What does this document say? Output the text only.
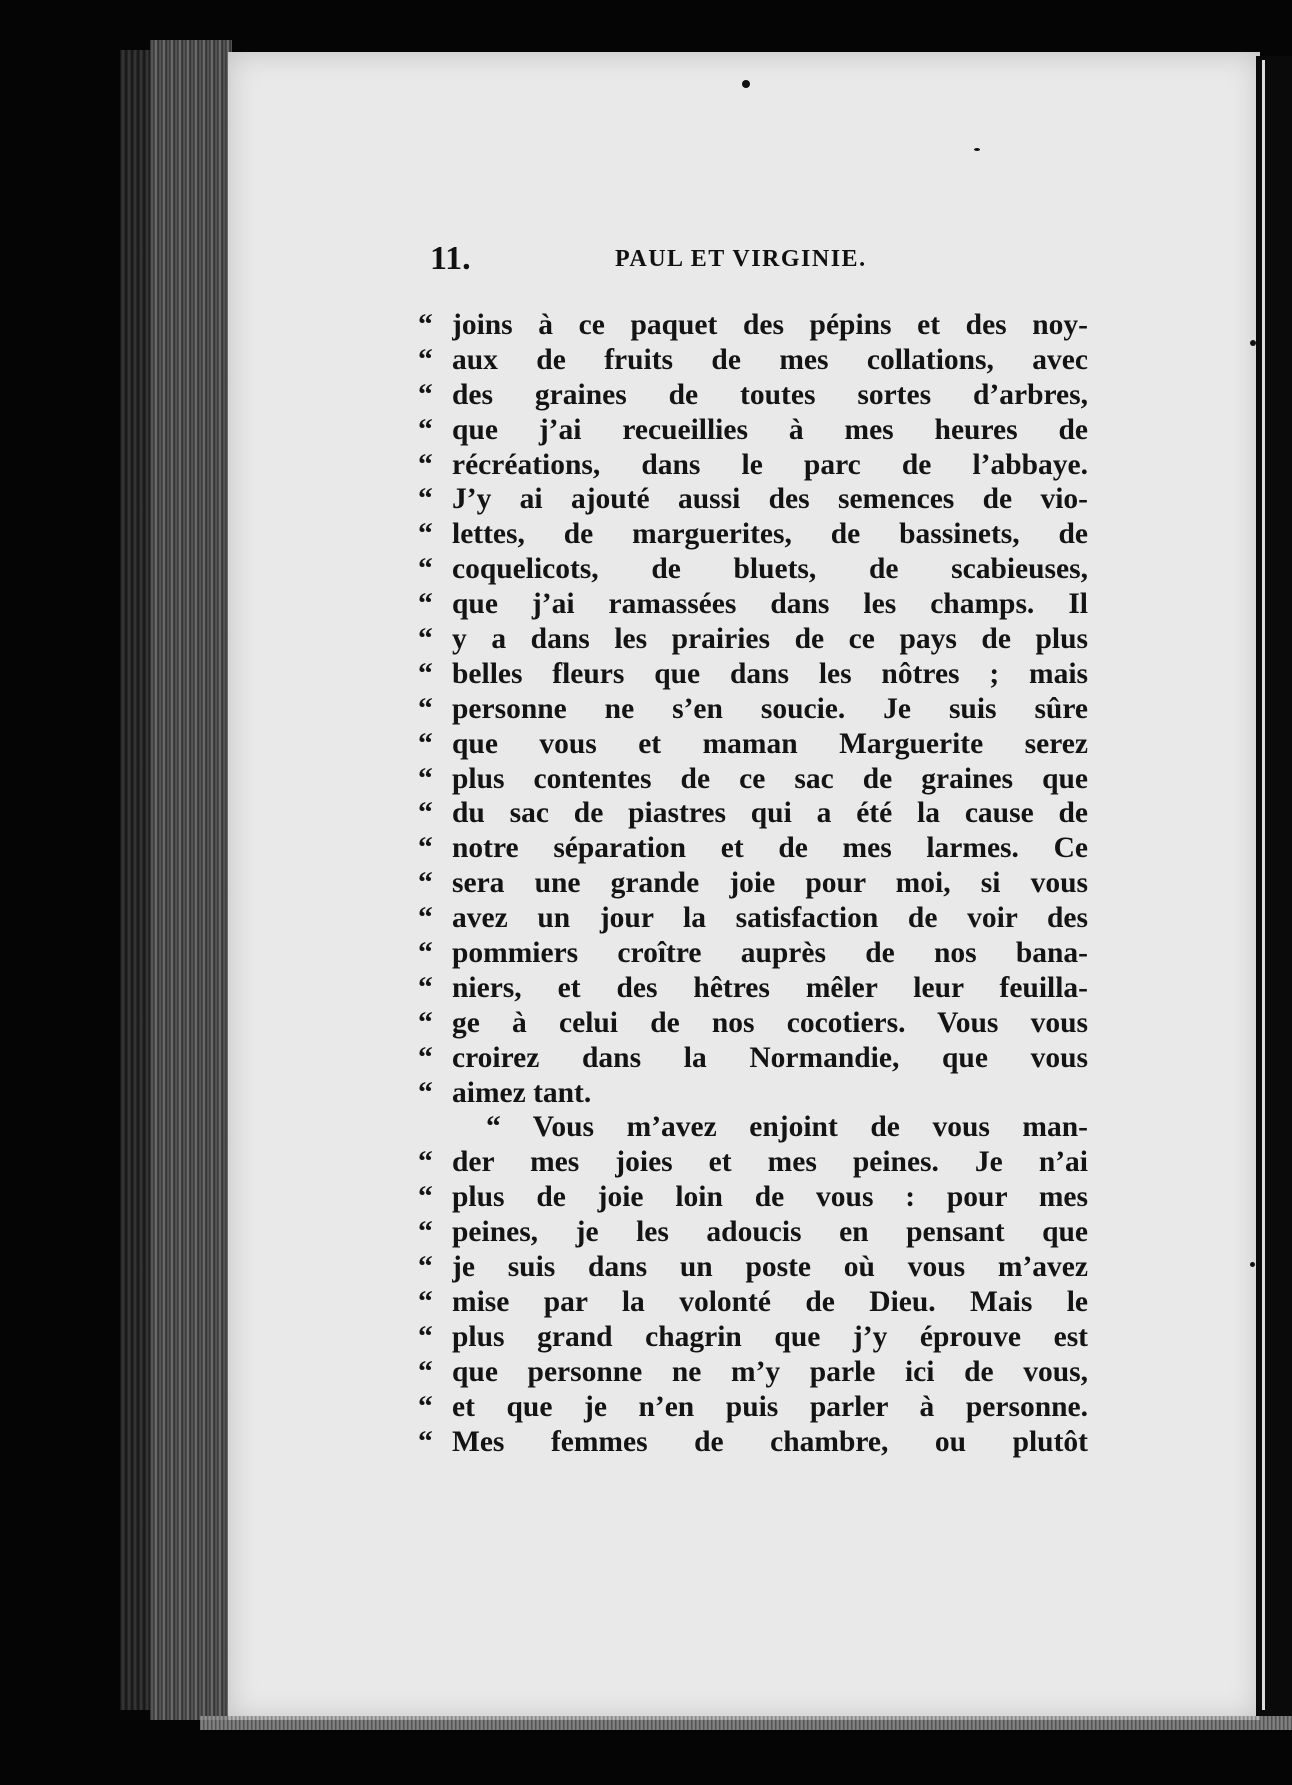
11.	PAUL ET VIRGINIE.
“ joins à ce paquet des pépins et des noy-
“ aux de fruits de mes collations, avec
“ des graines de toutes sortes d’arbres,
“ que j’ai recueillies à mes heures de
“ récréations, dans le parc de l’abbaye.
“ J’y ai ajouté aussi des semences de vio-
“ lettes, de marguerites, de bassinets, de
“ coquelicots, de bluets, de scabieuses,
“ que j’ai ramassées dans les champs. Il
“ y a dans les prairies de ce pays de plus
“ belles fleurs que dans les nôtres ; mais
“ personne ne s’en soucie. Je suis sûre
“ que vous et maman Marguerite serez
“ plus contentes de ce sac de graines que
“ du sac de piastres qui a été la cause de
“ notre séparation et de mes larmes. Ce
“ sera une grande joie pour moi, si vous
“ avez un jour la satisfaction de voir des
“ pommiers croître auprès de nos bana-
“ niers, et des hêtres mêler leur feuilla-
“ ge à celui de nos cocotiers. Vous vous
“ croirez dans la Normandie, que vous
“ aimez tant.
“ Vous m’avez enjoint de vous man-
“ der mes joies et mes peines. Je n’ai
“ plus de joie loin de vous : pour mes
“ peines, je les adoucis en pensant que
“ je suis dans un poste où vous m’avez
“ mise par la volonté de Dieu. Mais le
“ plus grand chagrin que j’y éprouve est
“ que personne ne m’y parle ici de vous,
“ et que je n’en puis parler à personne.
“ Mes femmes de chambre, ou plutôt
